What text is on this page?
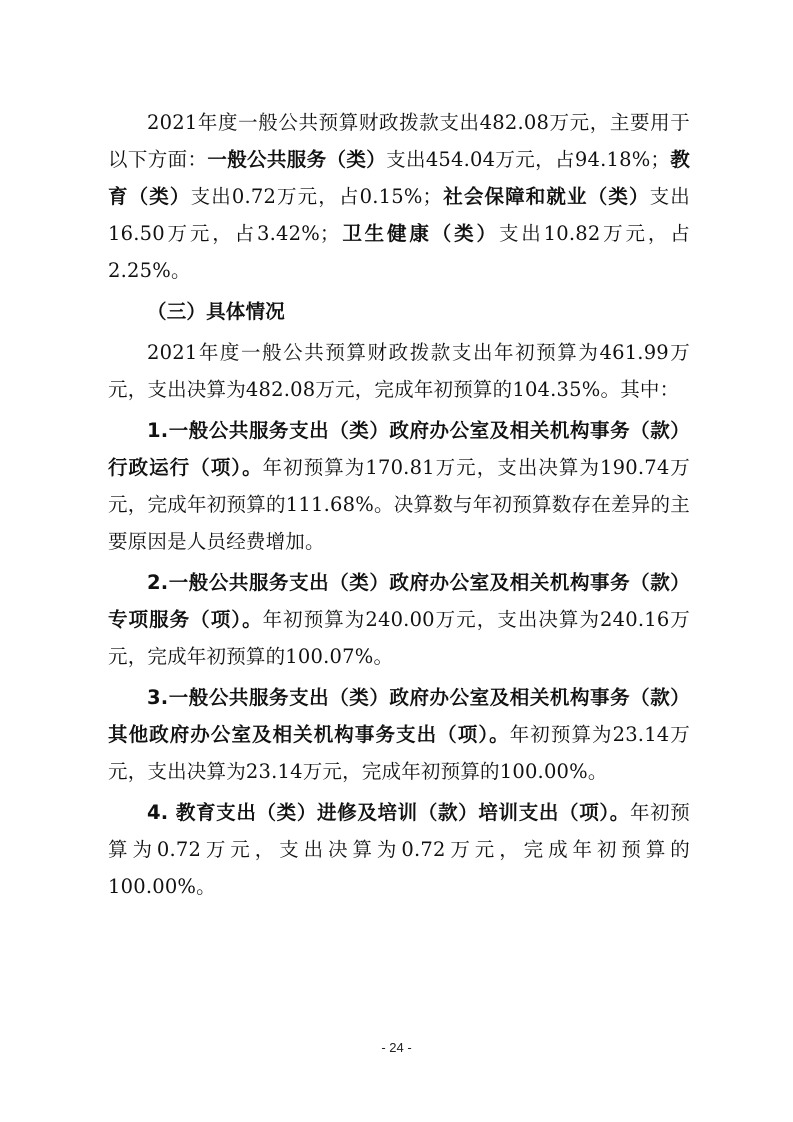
2021年度一般公共预算财政拨款支出482.08万元，主要用于以下方面：一般公共服务（类）支出454.04万元，占94.18%；教育（类）支出0.72万元，占0.15%；社会保障和就业（类）支出16.50万元，占3.42%；卫生健康（类）支出10.82万元，占2.25%。

（三）具体情况

2021年度一般公共预算财政拨款支出年初预算为461.99万元，支出决算为482.08万元，完成年初预算的104.35%。其中：

1.一般公共服务支出（类）政府办公室及相关机构事务（款）行政运行（项）。年初预算为170.81万元，支出决算为190.74万元，完成年初预算的111.68%。决算数与年初预算数存在差异的主要原因是人员经费增加。

2.一般公共服务支出（类）政府办公室及相关机构事务（款）专项服务（项）。年初预算为240.00万元，支出决算为240.16万元，完成年初预算的100.07%。

3.一般公共服务支出（类）政府办公室及相关机构事务（款）其他政府办公室及相关机构事务支出（项）。年初预算为23.14万元，支出决算为23.14万元，完成年初预算的100.00%。

4. 教育支出（类）进修及培训（款）培训支出（项）。年初预算为0.72万元，支出决算为0.72万元，完成年初预算的100.00%。

- 24 -
